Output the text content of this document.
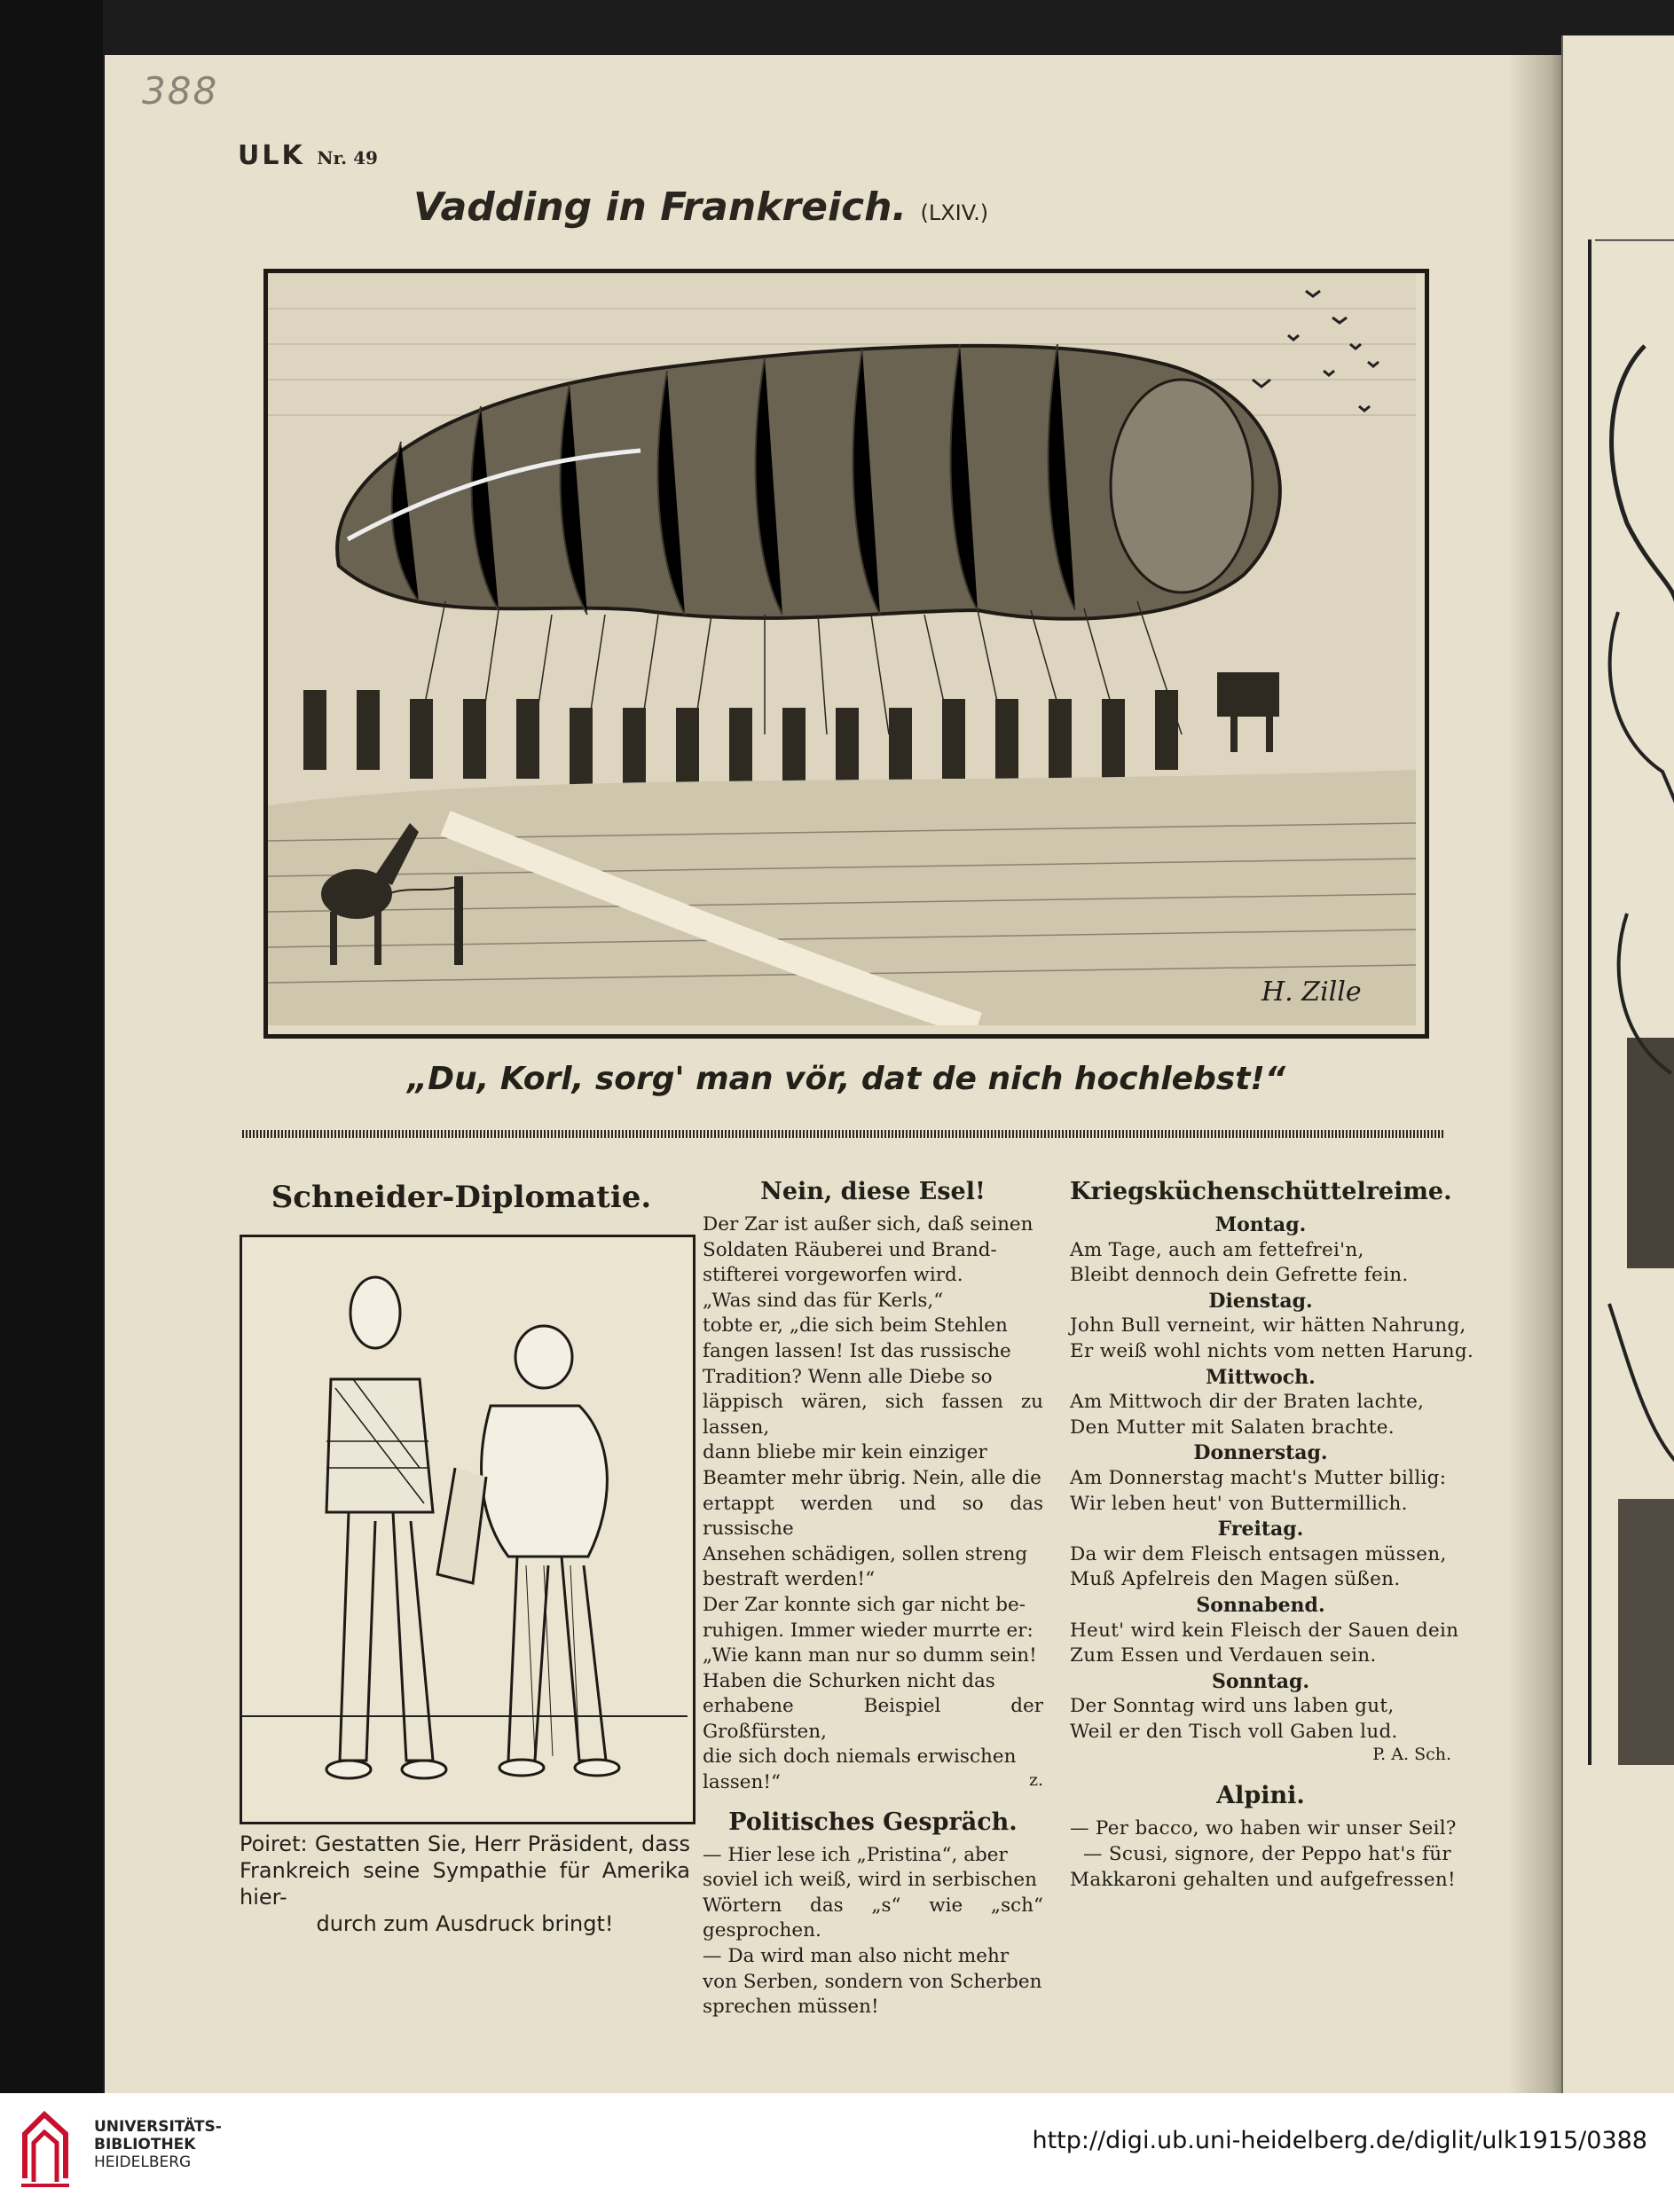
388
ULK Nr. 49
Vadding in Frankreich. (LXIV.)
H. Zille
„Du, Korl, sorg' man vör, dat de nich hochlebst!“
Schneider-Diplomatie.
Poiret: Gestatten Sie, Herr Präsident, dass Frankreich seine Sympathie für Amerika hier-
durch zum Ausdruck bringt!
Nein, diese Esel!
Der Zar ist außer sich, daß seinen
Soldaten Räuberei und Brand-
stifterei vorgeworfen wird.
„Was sind das für Kerls,“
tobte er, „die sich beim Stehlen
fangen lassen! Ist das russische
Tradition? Wenn alle Diebe so
läppisch wären, sich fassen zu lassen,
dann bliebe mir kein einziger
Beamter mehr übrig. Nein, alle die
ertappt werden und so das russische
Ansehen schädigen, sollen streng
bestraft werden!“
Der Zar konnte sich gar nicht be-
ruhigen. Immer wieder murrte er:
„Wie kann man nur so dumm sein!
Haben die Schurken nicht das
erhabene Beispiel der Großfürsten,
die sich doch niemals erwischen
lassen!“	z.
Politisches Gespräch.
— Hier lese ich „Pristina“, aber
soviel ich weiß, wird in serbischen
Wörtern das „s“ wie „sch“ gesprochen.
— Da wird man also nicht mehr
von Serben, sondern von Scherben
sprechen müssen!
Kriegsküchenschüttelreime.
Montag.
Am Tage, auch am fettefrei'n,
Bleibt dennoch dein Gefrette fein.
Dienstag.
John Bull verneint, wir hätten Nahrung,
Er weiß wohl nichts vom netten Harung.
Mittwoch.
Am Mittwoch dir der Braten lachte,
Den Mutter mit Salaten brachte.
Donnerstag.
Am Donnerstag macht's Mutter billig:
Wir leben heut' von Buttermillich.
Freitag.
Da wir dem Fleisch entsagen müssen,
Muß Apfelreis den Magen süßen.
Sonnabend.
Heut' wird kein Fleisch der Sauen dein
Zum Essen und Verdauen sein.
Sonntag.
Der Sonntag wird uns laben gut,
Weil er den Tisch voll Gaben lud.
P. A. Sch.
Alpini.
— Per bacco, wo haben wir unser Seil?
— Scusi, signore, der Peppo hat's für
Makkaroni gehalten und aufgefressen!
UNIVERSITÄTS-
BIBLIOTHEK
HEIDELBERG
http://digi.ub.uni-heidelberg.de/diglit/ulk1915/0388
